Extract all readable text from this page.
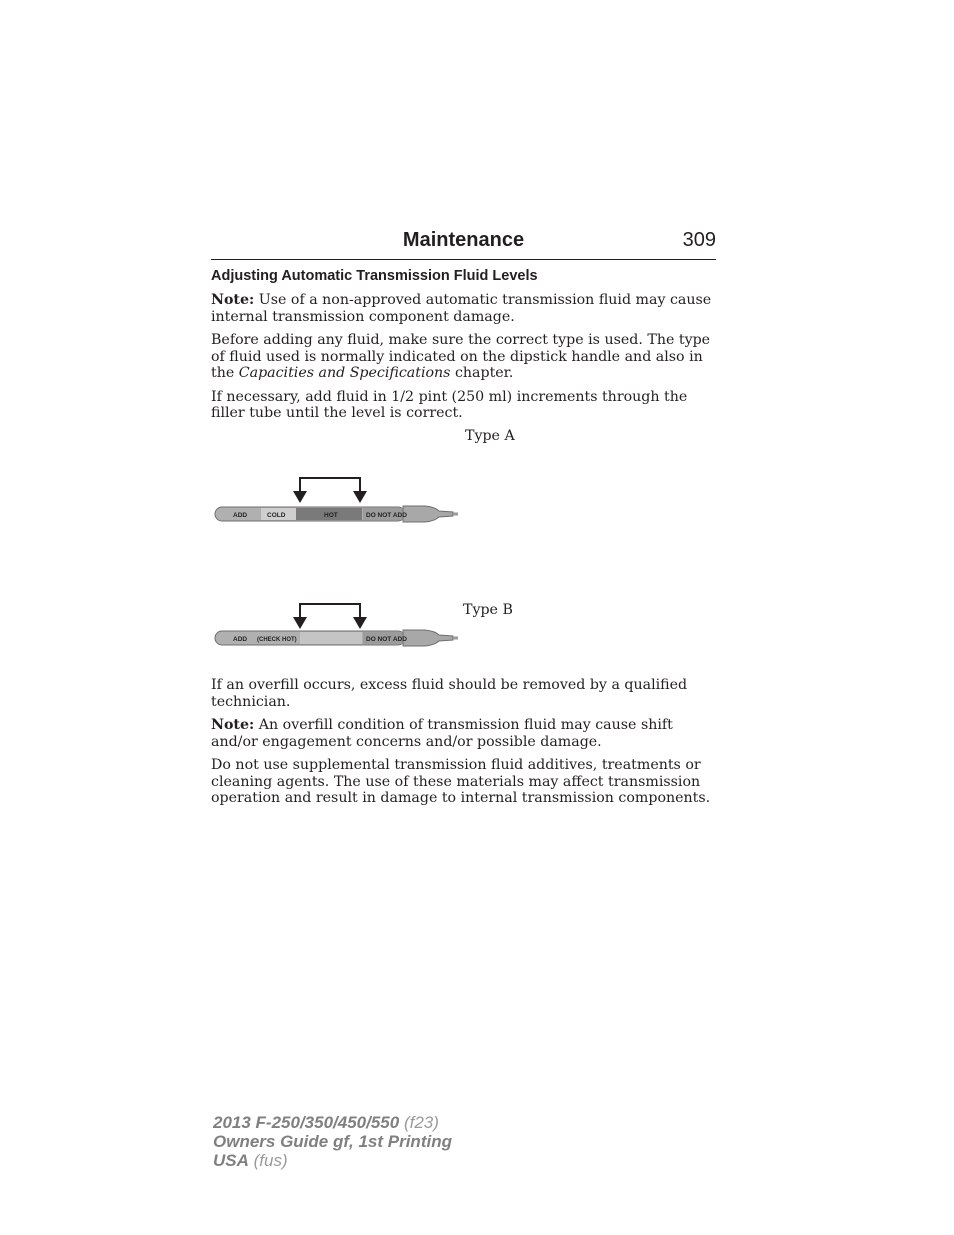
Maintenance	309
Adjusting Automatic Transmission Fluid Levels

Note: Use of a non-approved automatic transmission fluid may cause internal transmission component damage.

Before adding any fluid, make sure the correct type is used. The type of fluid used is normally indicated on the dipstick handle and also in the Capacities and Specifications chapter.

If necessary, add fluid in 1/2 pint (250 ml) increments through the filler tube until the level is correct.

Type A
ADD	COLD	HOT	DO NOT ADD
Type B
ADD (CHECK HOT)	DO NOT ADD

If an overfill occurs, excess fluid should be removed by a qualified technician.

Note: An overfill condition of transmission fluid may cause shift and/or engagement concerns and/or possible damage.

Do not use supplemental transmission fluid additives, treatments or cleaning agents. The use of these materials may affect transmission operation and result in damage to internal transmission components.

2013 F-250/350/450/550 (f23)
Owners Guide gf, 1st Printing
USA (fus)
